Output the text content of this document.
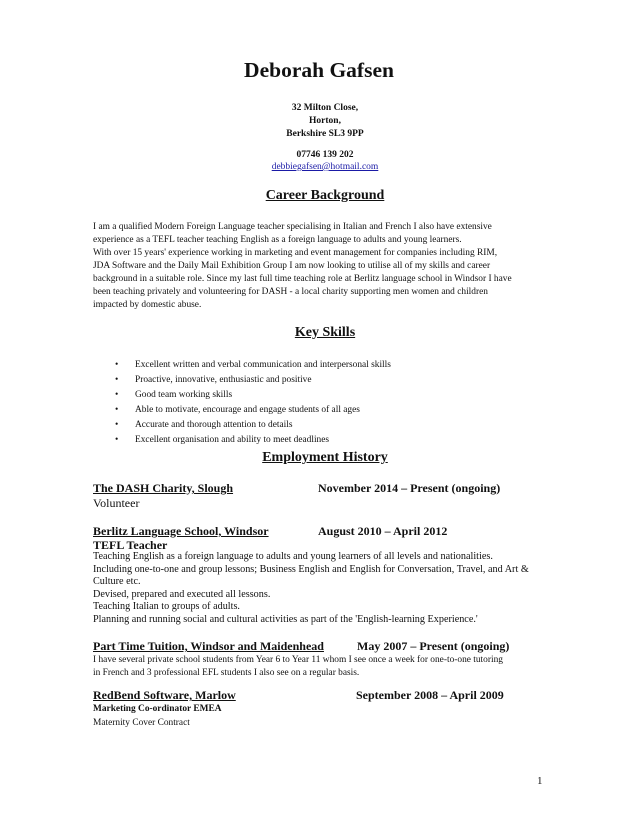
Deborah Gafsen
32 Milton Close,
Horton,
Berkshire SL3 9PP
07746 139 202
debbiegafsen@hotmail.com
Career Background
I am a qualified Modern Foreign Language teacher specialising in Italian and French I also have extensive
experience as a TEFL teacher teaching English as a foreign language to adults and young learners.
With over 15 years' experience working in marketing and event management for companies including RIM,
JDA Software and the Daily Mail Exhibition Group I am now looking to utilise all of my skills and career
background in a suitable role. Since my last full time teaching role at Berlitz language school in Windsor I have
been teaching privately and volunteering for DASH - a local charity supporting men women and children
impacted by domestic abuse.
Key Skills
• Excellent written and verbal communication and interpersonal skills
• Proactive, innovative, enthusiastic and positive
• Good team working skills
• Able to motivate, encourage and engage students of all ages
• Accurate and thorough attention to details
• Excellent organisation and ability to meet deadlines
Employment History
The DASH Charity, Slough	November 2014 – Present (ongoing)
Volunteer
Berlitz Language School, Windsor	August 2010 – April 2012
TEFL Teacher
Teaching English as a foreign language to adults and young learners of all levels and nationalities.
Including one-to-one and group lessons; Business English and English for Conversation, Travel, and Art &
Culture etc.
Devised, prepared and executed all lessons.
Teaching Italian to groups of adults.
Planning and running social and cultural activities as part of the 'English-learning Experience.'
Part Time Tuition, Windsor and Maidenhead	May 2007 – Present (ongoing)
I have several private school students from Year 6 to Year 11 whom I see once a week for one-to-one tutoring
in French and 3 professional EFL students I also see on a regular basis.
RedBend Software, Marlow	September 2008 – April 2009
Marketing Co-ordinator EMEA
Maternity Cover Contract
1
